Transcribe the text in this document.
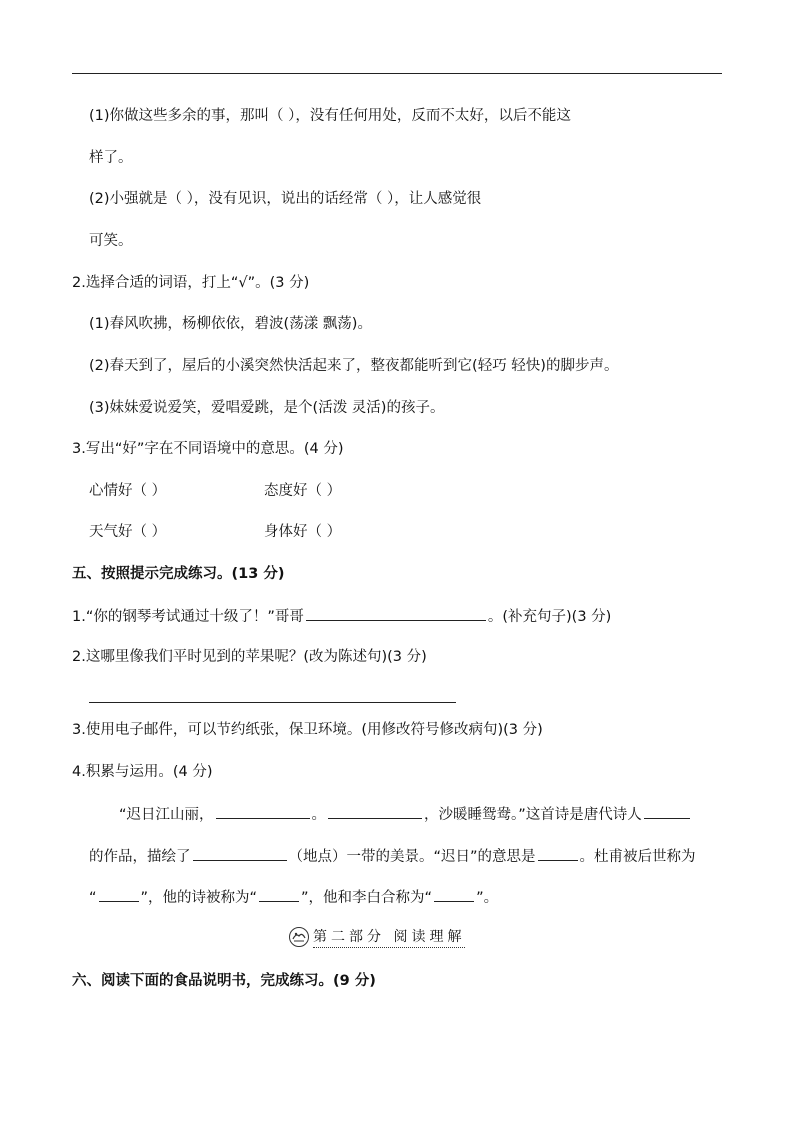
(1)你做这些多余的事，那叫（ ），没有任何用处，反而不太好，以后不能这
样了。
(2)小强就是（ ），没有见识，说出的话经常（ ），让人感觉很
可笑。
2.选择合适的词语，打上“√”。(3 分)
(1)春风吹拂，杨柳依依，碧波(荡漾 飘荡)。
(2)春天到了，屋后的小溪突然快活起来了，整夜都能听到它(轻巧 轻快)的脚步声。
(3)妹妹爱说爱笑，爱唱爱跳，是个(活泼 灵活)的孩子。
3.写出“好”字在不同语境中的意思。(4 分)
心情好（ ）	态度好（ ）
天气好（ ）	身体好（ ）
五、按照提示完成练习。(13 分)
1.“你的钢琴考试通过十级了！”哥哥	。(补充句子)(3 分)
2.这哪里像我们平时见到的苹果呢？(改为陈述句)(3 分)
3.使用电子邮件，可以节约纸张，保卫环境。(用修改符号修改病句)(3 分)
4.积累与运用。(4 分)
“迟日江山丽，	。	，沙暖睡鸳鸯。”这首诗是唐代诗人
的作品，描绘了	（地点）一带的美景。“迟日”的意思是	。杜甫被后世称为
“	”，他的诗被称为“	”，他和李白合称为“	”。
第二部分 阅读理解
六、阅读下面的食品说明书，完成练习。(9 分)
